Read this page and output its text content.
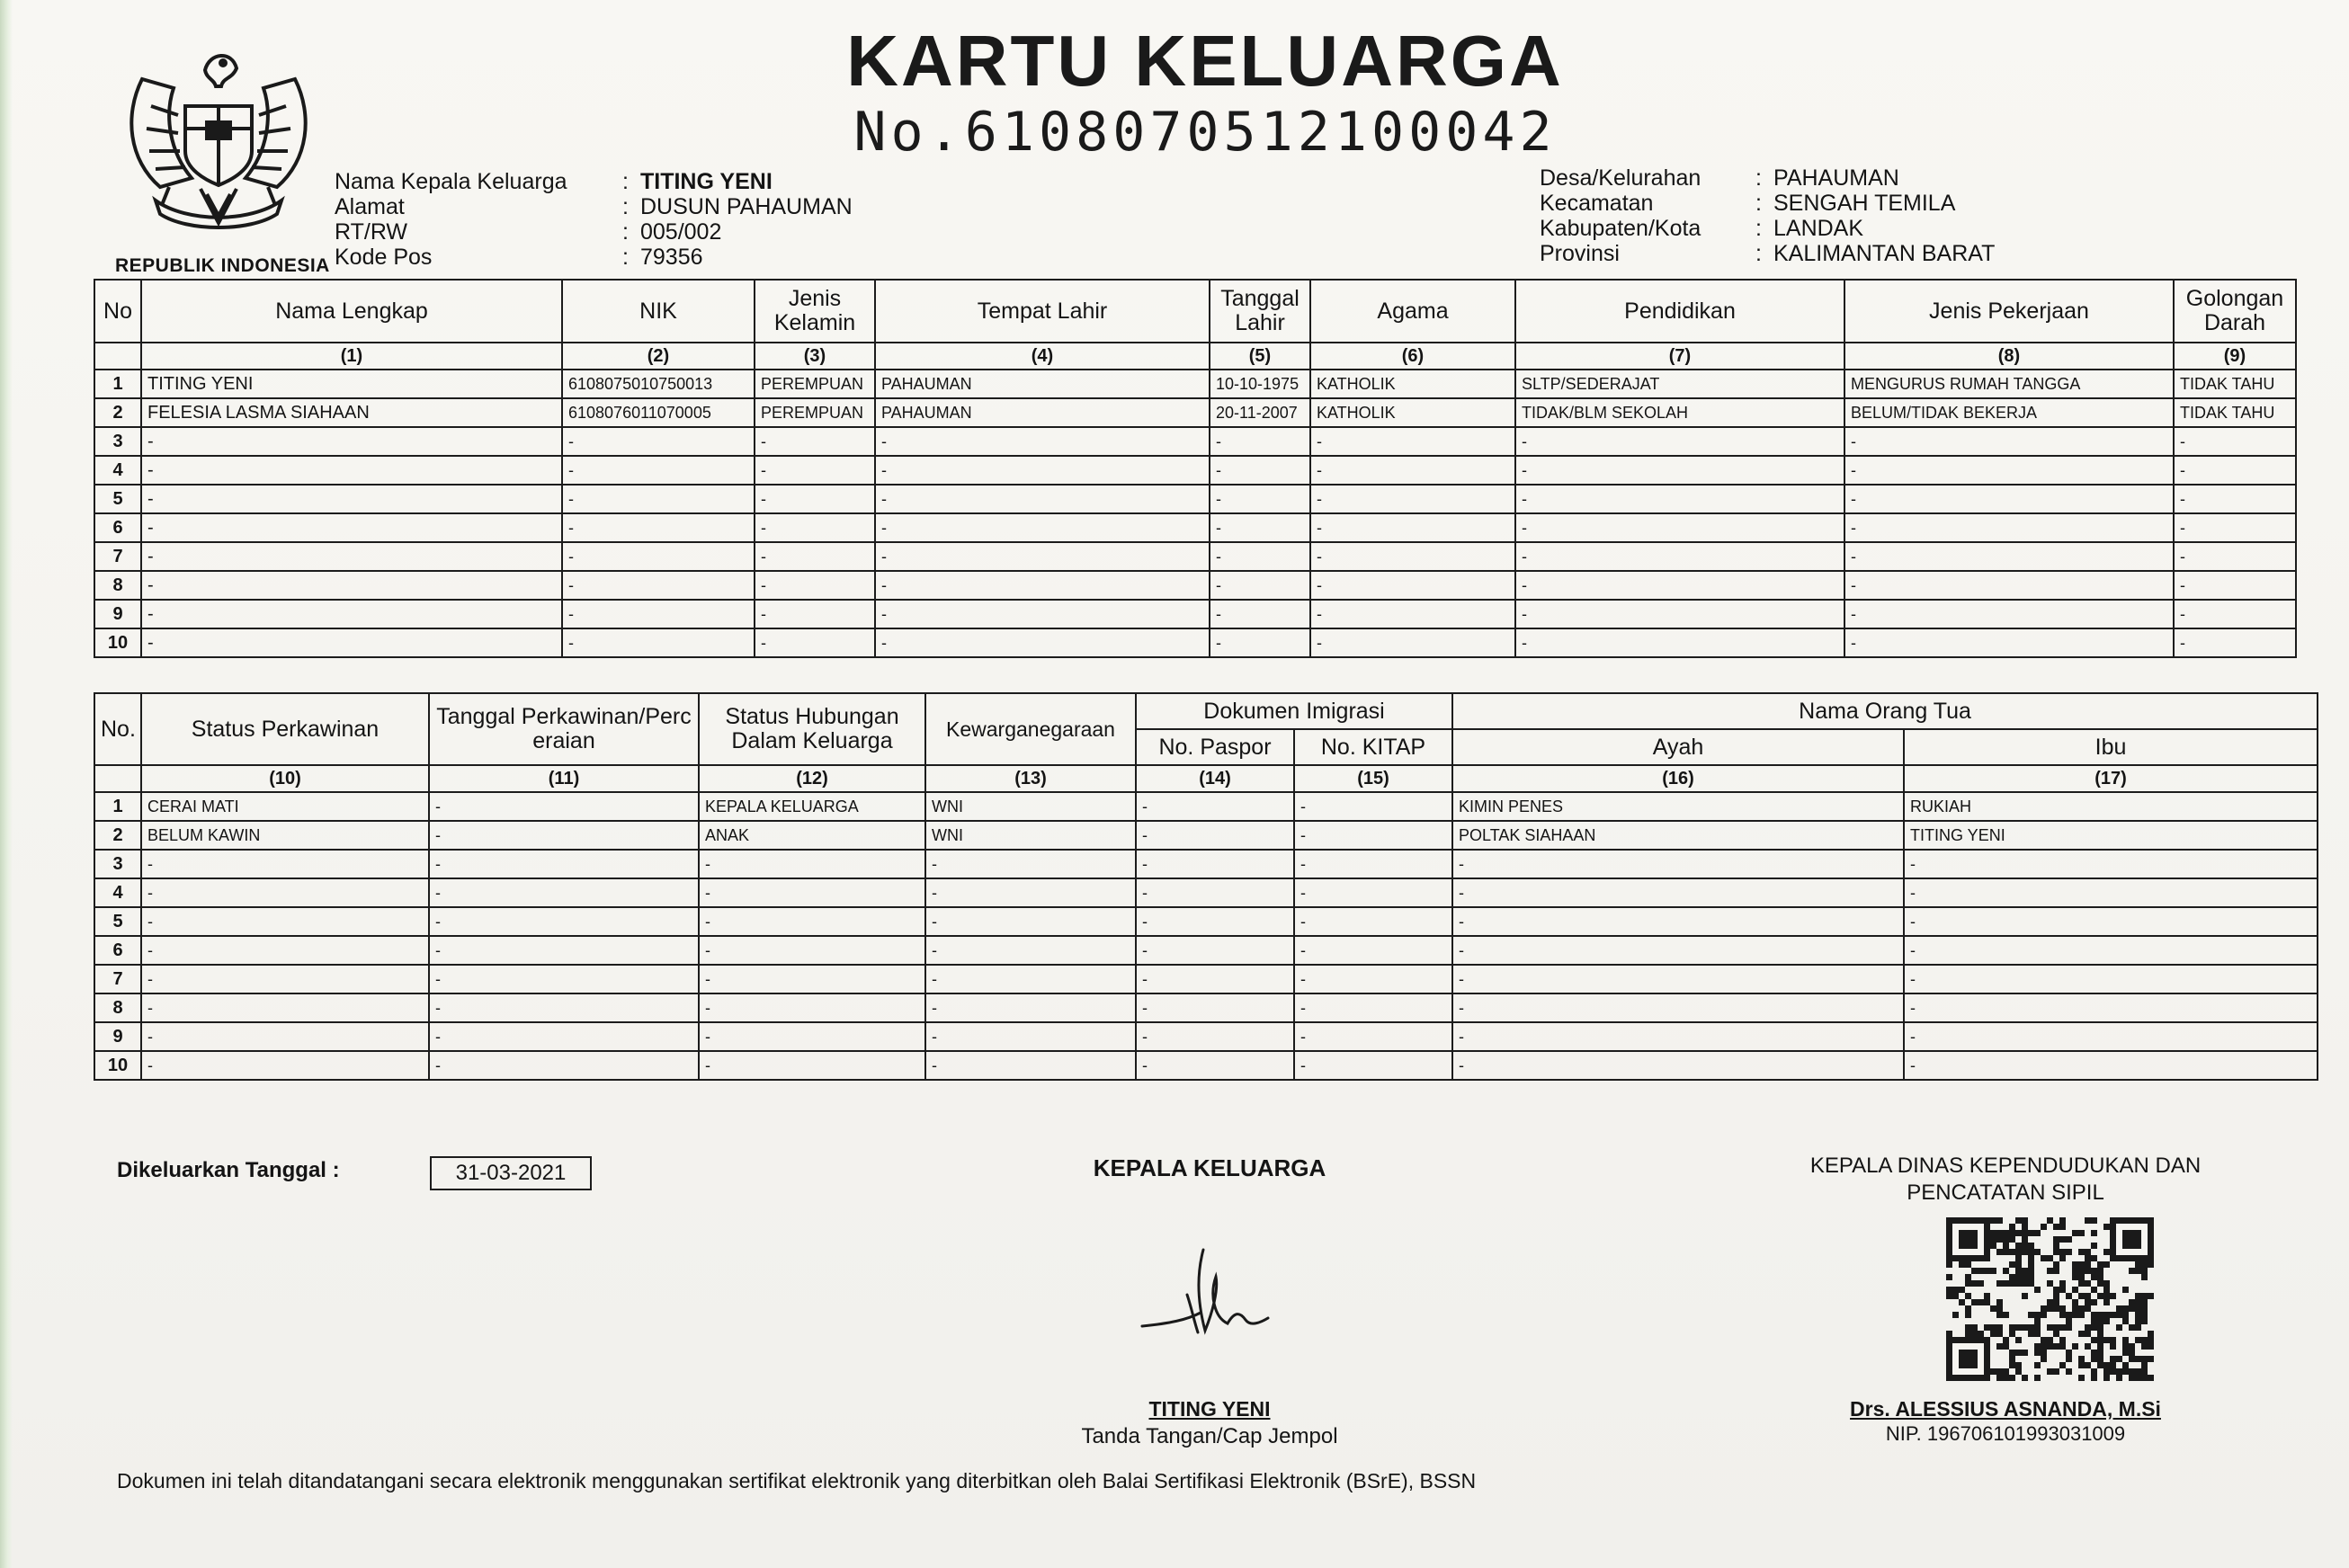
REPUBLIK INDONESIA
KARTU KELUARGA
No.6108070512100042
Nama Kepala Keluarga	: TITING YENI
Alamat	: DUSUN PAHAUMAN
RT/RW	: 005/002
Kode Pos	: 79356
Desa/Kelurahan	: PAHAUMAN
Kecamatan	: SENGAH TEMILA
Kabupaten/Kota	: LANDAK
Provinsi	: KALIMANTAN BARAT
No	Nama Lengkap	NIK	Jenis Kelamin	Tempat Lahir	Tanggal Lahir	Agama	Pendidikan	Jenis Pekerjaan	Golongan Darah
	(1)	(2)	(3)	(4)	(5)	(6)	(7)	(8)	(9)
1	TITING YENI	6108075010750013	PEREMPUAN	PAHAUMAN	10-10-1975	KATHOLIK	SLTP/SEDERAJAT	MENGURUS RUMAH TANGGA	TIDAK TAHU
2	FELESIA LASMA SIAHAAN	6108076011070005	PEREMPUAN	PAHAUMAN	20-11-2007	KATHOLIK	TIDAK/BLM SEKOLAH	BELUM/TIDAK BEKERJA	TIDAK TAHU
3	-	-	-	-	-	-	-	-	-
4	-	-	-	-	-	-	-	-	-
5	-	-	-	-	-	-	-	-	-
6	-	-	-	-	-	-	-	-	-
7	-	-	-	-	-	-	-	-	-
8	-	-	-	-	-	-	-	-	-
9	-	-	-	-	-	-	-	-	-
10	-	-	-	-	-	-	-	-	-
No.	Status Perkawinan	Tanggal Perkawinan/Perceraian	Status Hubungan Dalam Keluarga	Kewarganegaraan	Dokumen Imigrasi		Nama Orang Tua	
					No. Paspor	No. KITAP	Ayah	Ibu
	(10)	(11)	(12)	(13)	(14)	(15)	(16)	(17)
1	CERAI MATI	-	KEPALA KELUARGA	WNI	-	-	KIMIN PENES	RUKIAH
2	BELUM KAWIN	-	ANAK	WNI	-	-	POLTAK SIAHAAN	TITING YENI
3	-	-	-	-	-	-	-	-
4	-	-	-	-	-	-	-	-
5	-	-	-	-	-	-	-	-
6	-	-	-	-	-	-	-	-
7	-	-	-	-	-	-	-	-
8	-	-	-	-	-	-	-	-
9	-	-	-	-	-	-	-	-
10	-	-	-	-	-	-	-	-
Dikeluarkan Tanggal :	31-03-2021	KEPALA KELUARGA
TITING YENI
Tanda Tangan/Cap Jempol
KEPALA DINAS KEPENDUDUKAN DAN
PENCATATAN SIPIL
Drs. ALESSIUS ASNANDA, M.Si
NIP. 196706101993031009
Dokumen ini telah ditandatangani secara elektronik menggunakan sertifikat elektronik yang diterbitkan oleh Balai Sertifikasi Elektronik (BSrE), BSSN
